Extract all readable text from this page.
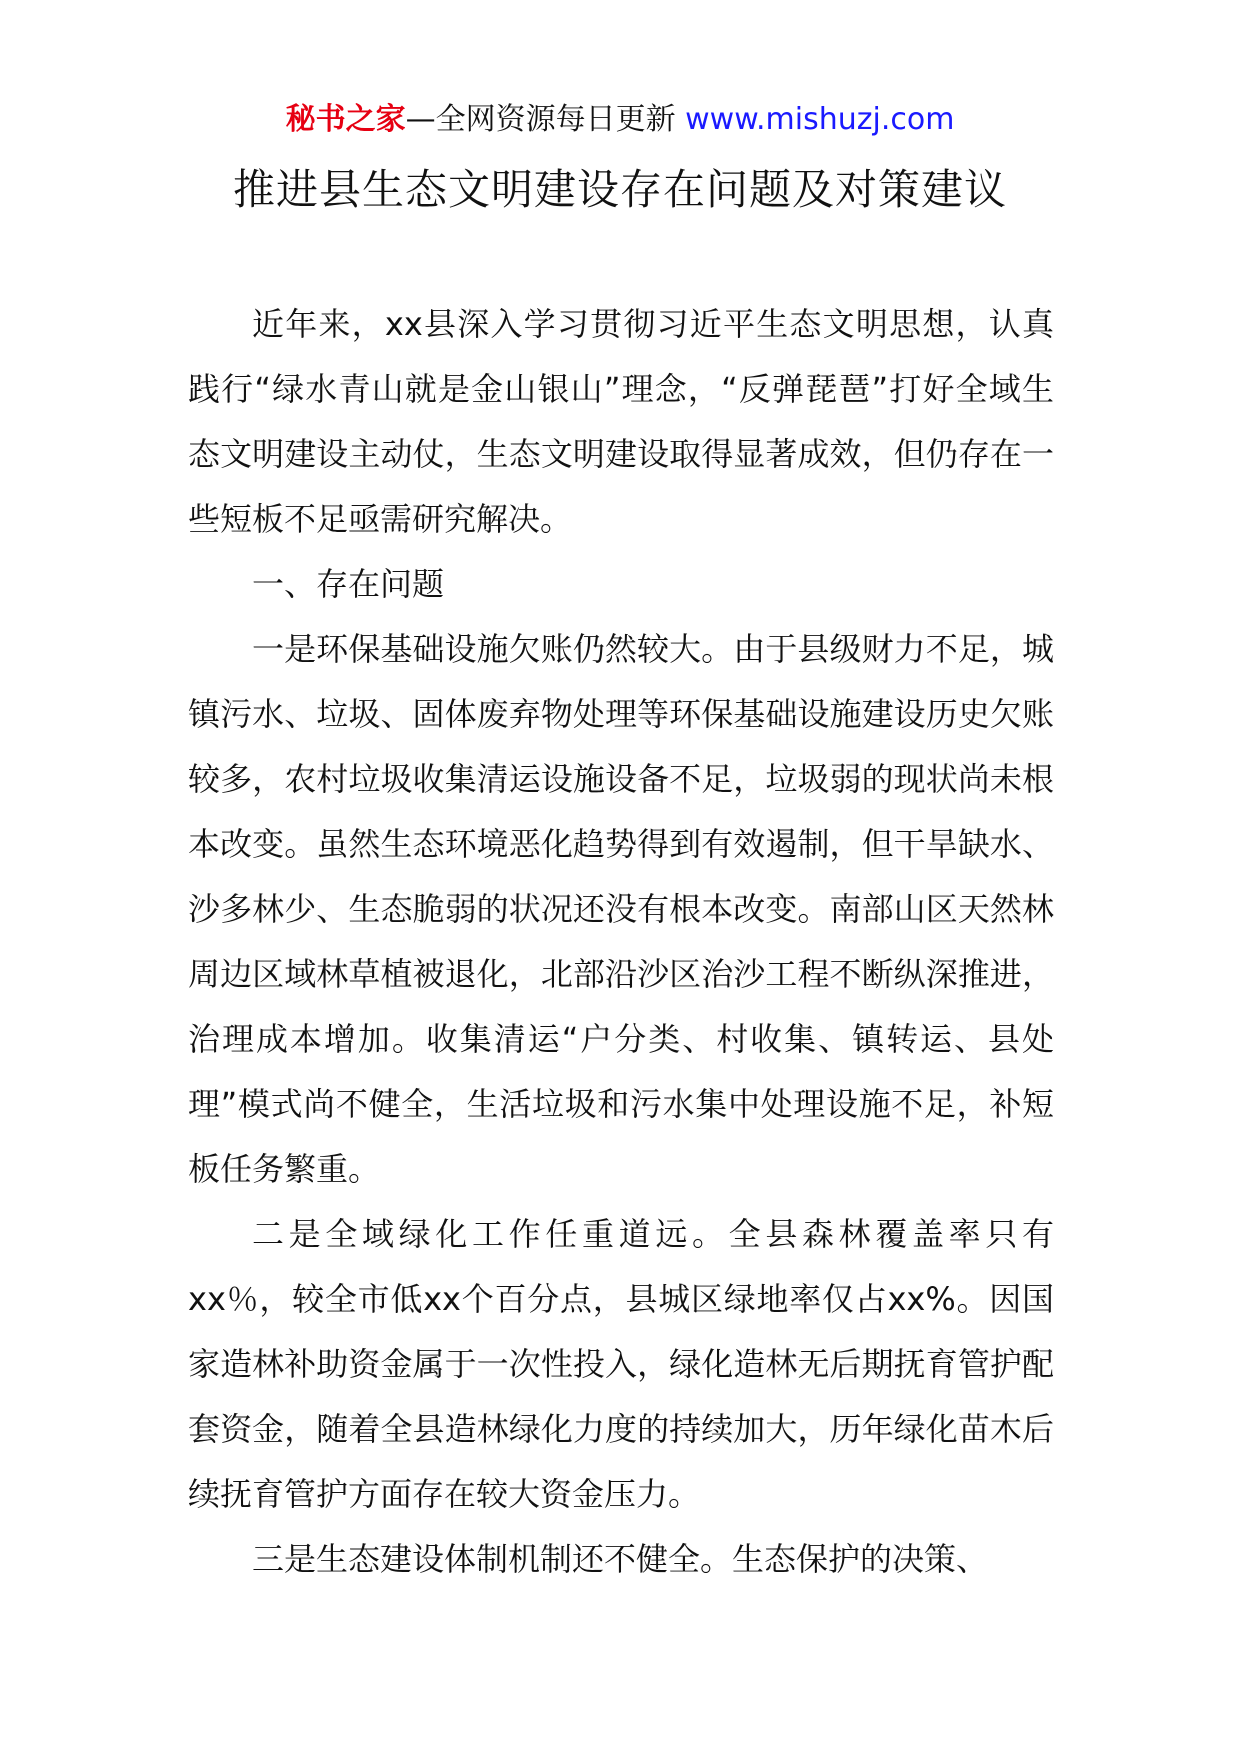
秘书之家—全网资源每日更新 www.mishuzj.com
推进县生态文明建设存在问题及对策建议

近年来，xx县深入学习贯彻习近平生态文明思想，认真践行“绿水青山就是金山银山”理念，“反弹琵琶”打好全域生态文明建设主动仗，生态文明建设取得显著成效，但仍存在一些短板不足亟需研究解决。

一、存在问题

一是环保基础设施欠账仍然较大。由于县级财力不足，城镇污水、垃圾、固体废弃物处理等环保基础设施建设历史欠账较多，农村垃圾收集清运设施设备不足，垃圾弱的现状尚未根本改变。虽然生态环境恶化趋势得到有效遏制，但干旱缺水、沙多林少、生态脆弱的状况还没有根本改变。南部山区天然林周边区域林草植被退化，北部沿沙区治沙工程不断纵深推进，治理成本增加。收集清运“户分类、村收集、镇转运、县处理”模式尚不健全，生活垃圾和污水集中处理设施不足，补短板任务繁重。

二是全域绿化工作任重道远。全县森林覆盖率只有xx％，较全市低xx个百分点，县城区绿地率仅占xx%。因国家造林补助资金属于一次性投入，绿化造林无后期抚育管护配套资金，随着全县造林绿化力度的持续加大，历年绿化苗木后续抚育管护方面存在较大资金压力。

三是生态建设体制机制还不健全。生态保护的决策、
